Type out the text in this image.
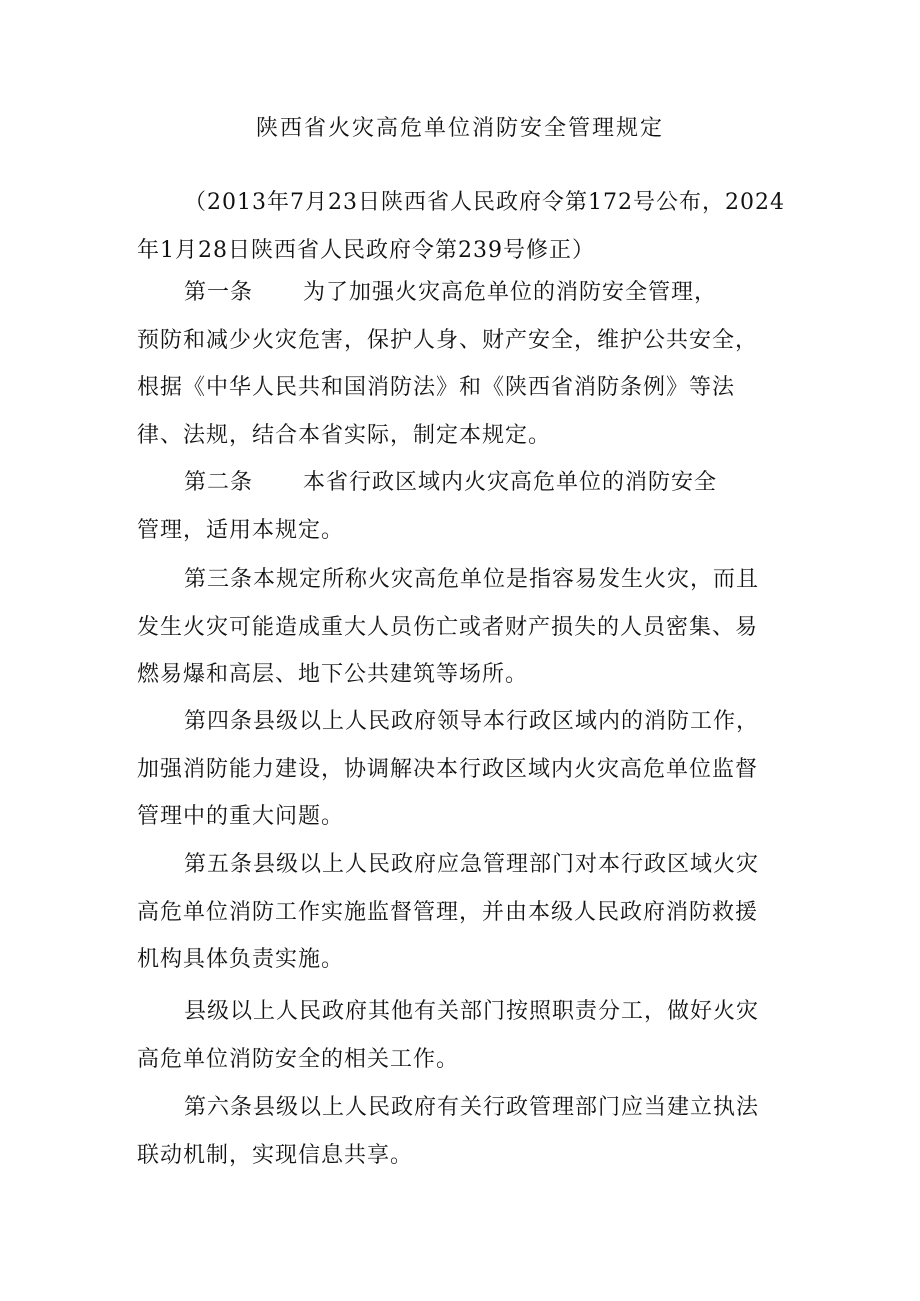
陕西省火灾高危单位消防安全管理规定
（2013年7月23日陕西省人民政府令第172号公布，2024
年1月28日陕西省人民政府令第239号修正）
第一条 为了加强火灾高危单位的消防安全管理，
预防和减少火灾危害，保护人身、财产安全，维护公共安全，
根据《中华人民共和国消防法》和《陕西省消防条例》等法
律、法规，结合本省实际，制定本规定。
第二条 本省行政区域内火灾高危单位的消防安全
管理，适用本规定。
第三条本规定所称火灾高危单位是指容易发生火灾，而且
发生火灾可能造成重大人员伤亡或者财产损失的人员密集、易
燃易爆和高层、地下公共建筑等场所。
第四条县级以上人民政府领导本行政区域内的消防工作，
加强消防能力建设，协调解决本行政区域内火灾高危单位监督
管理中的重大问题。
第五条县级以上人民政府应急管理部门对本行政区域火灾
高危单位消防工作实施监督管理，并由本级人民政府消防救援
机构具体负责实施。
县级以上人民政府其他有关部门按照职责分工，做好火灾
高危单位消防安全的相关工作。
第六条县级以上人民政府有关行政管理部门应当建立执法
联动机制，实现信息共享。
